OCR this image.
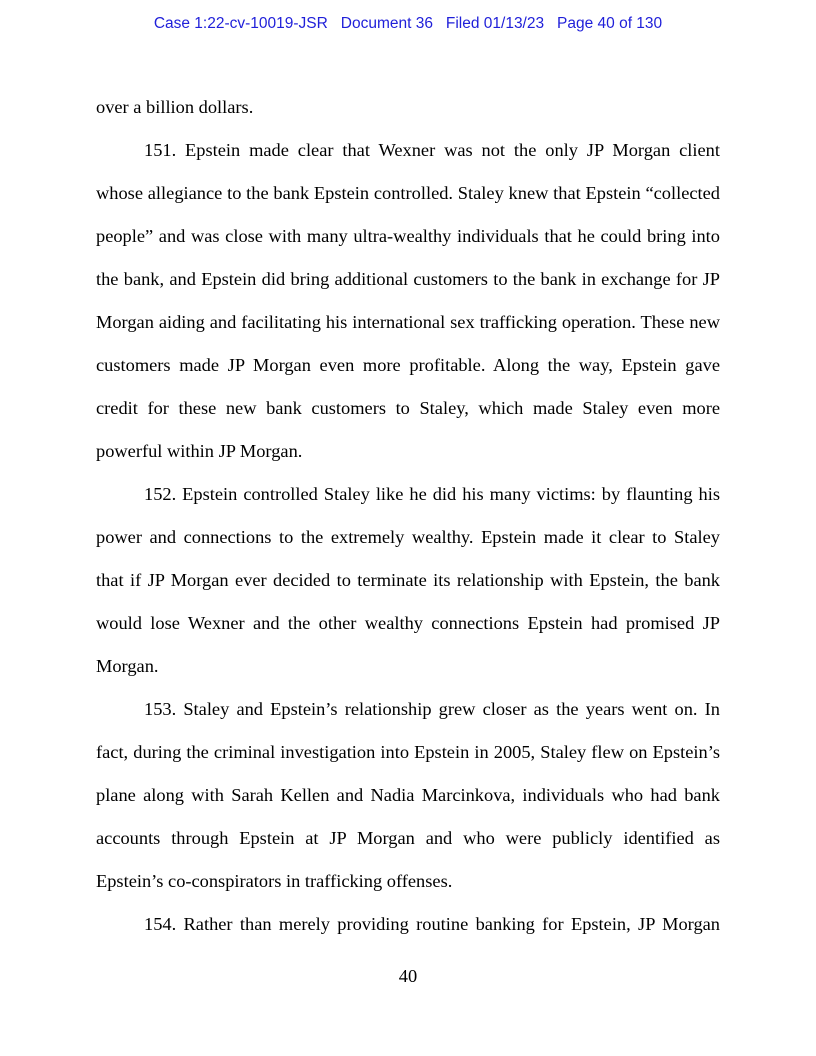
Case 1:22-cv-10019-JSR   Document 36   Filed 01/13/23   Page 40 of 130
over a billion dollars.
151. Epstein made clear that Wexner was not the only JP Morgan client
whose allegiance to the bank Epstein controlled. Staley knew that Epstein “collected
people” and was close with many ultra-wealthy individuals that he could bring into
the bank, and Epstein did bring additional customers to the bank in exchange for JP
Morgan aiding and facilitating his international sex trafficking operation. These new
customers made JP Morgan even more profitable. Along the way, Epstein gave
credit for these new bank customers to Staley, which made Staley even more
powerful within JP Morgan.
152. Epstein controlled Staley like he did his many victims: by flaunting his
power and connections to the extremely wealthy. Epstein made it clear to Staley
that if JP Morgan ever decided to terminate its relationship with Epstein, the bank
would lose Wexner and the other wealthy connections Epstein had promised JP
Morgan.
153. Staley and Epstein’s relationship grew closer as the years went on. In
fact, during the criminal investigation into Epstein in 2005, Staley flew on Epstein’s
plane along with Sarah Kellen and Nadia Marcinkova, individuals who had bank
accounts through Epstein at JP Morgan and who were publicly identified as
Epstein’s co-conspirators in trafficking offenses.
154. Rather than merely providing routine banking for Epstein, JP Morgan
40
